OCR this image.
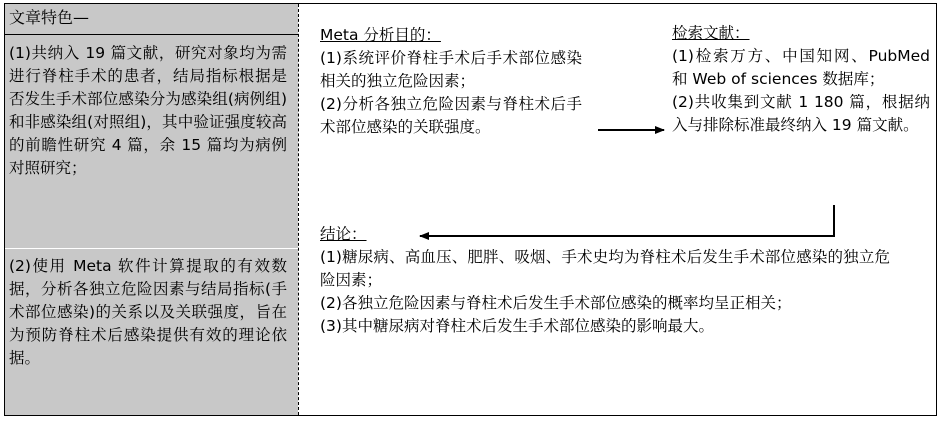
文章特色—
(1)共纳入 19 篇文献，研究对象均为需进行脊柱手术的患者，结局指标根据是否发生手术部位感染分为感染组(病例组)和非感染组(对照组)，其中验证强度较高的前瞻性研究 4 篇，余 15 篇均为病例对照研究；
(2)使用 Meta 软件计算提取的有效数据，分析各独立危险因素与结局指标(手术部位感染)的关系以及关联强度，旨在为预防脊柱术后感染提供有效的理论依据。
Meta 分析目的：
(1)系统评价脊柱手术后手术部位感染相关的独立危险因素；
(2)分析各独立危险因素与脊柱术后手术部位感染的关联强度。
检索文献：
(1)检索万方、中国知网、PubMed 和 Web of sciences 数据库；
(2)共收集到文献 1 180 篇，根据纳入与排除标准最终纳入 19 篇文献。
结论：
(1)糖尿病、高血压、肥胖、吸烟、手术史均为脊柱术后发生手术部位感染的独立危险因素；
(2)各独立危险因素与脊柱术后发生手术部位感染的概率均呈正相关；
(3)其中糖尿病对脊柱术后发生手术部位感染的影响最大。
